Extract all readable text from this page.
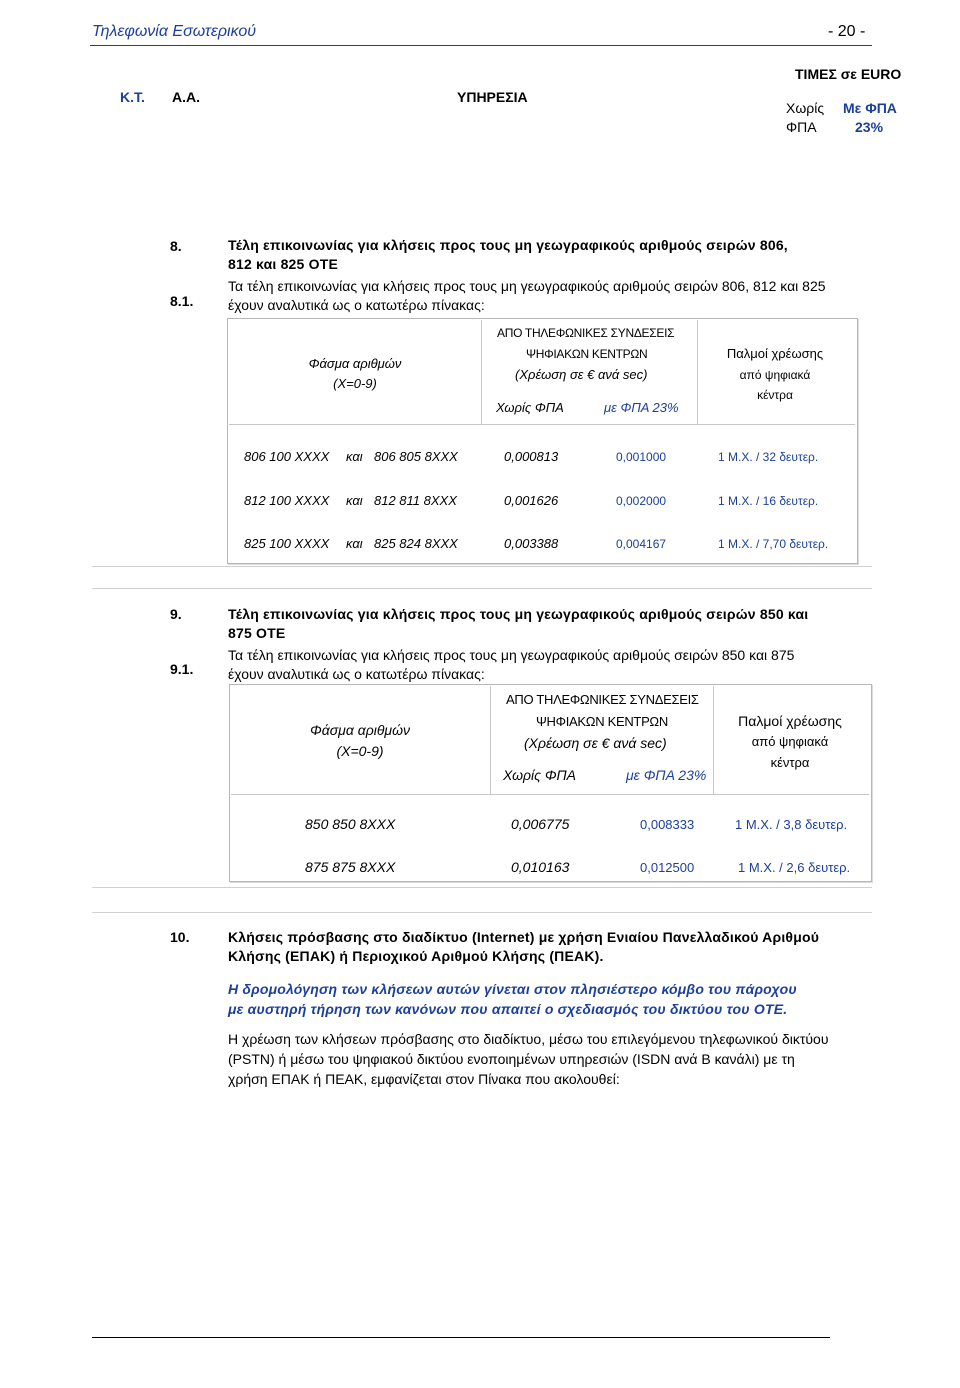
Τηλεφωνία Εσωτερικού	- 20 -
Κ.Τ. Α.Α.	ΥΠΗΡΕΣΙΑ
ΤΙΜΕΣ σε EURO
Χωρίς
ΦΠΑ
Με ΦΠΑ
23%
8.	Τέλη επικοινωνίας για κλήσεις προς τους μη γεωγραφικούς αριθμούς σειρών 806,
812 και 825 ΟΤΕ
8.1.
Τα τέλη επικοινωνίας για κλήσεις προς τους μη γεωγραφικούς αριθμούς σειρών 806, 812 και 825
έχουν αναλυτικά ως ο κατωτέρω πίνακας:
Φάσμα αριθμών
(X=0-9)
ΑΠΟ ΤΗΛΕΦΩΝΙΚΕΣ ΣΥΝΔΕΣΕΙΣ
ΨΗΦΙΑΚΩΝ ΚΕΝΤΡΩΝ
(Χρέωση σε € ανά sec)
Χωρίς ΦΠΑ	με ΦΠΑ 23%
Παλμοί χρέωσης
από ψηφιακά
κέντρα
806 100 XXXX και 806 805 8XXX	0,000813	0,001000	1 Μ.Χ. / 32 δευτερ.
812 100 XXXX και 812 811 8XXX	0,001626	0,002000	1 Μ.Χ. / 16 δευτερ.
825 100 XXXX και 825 824 8XXX	0,003388	0,004167	1 Μ.Χ. / 7,70 δευτερ.
9.	Τέλη επικοινωνίας για κλήσεις προς τους μη γεωγραφικούς αριθμούς σειρών 850 και
875 ΟΤΕ
9.1.
Τα τέλη επικοινωνίας για κλήσεις προς τους μη γεωγραφικούς αριθμούς σειρών 850 και 875
έχουν αναλυτικά ως ο κατωτέρω πίνακας:
Φάσμα αριθμών
(X=0-9)
ΑΠΟ ΤΗΛΕΦΩΝΙΚΕΣ ΣΥΝΔΕΣΕΙΣ
ΨΗΦΙΑΚΩΝ ΚΕΝΤΡΩΝ
(Χρέωση σε € ανά sec)
Χωρίς ΦΠΑ	με ΦΠΑ 23%
Παλμοί χρέωσης
από ψηφιακά
κέντρα
850 850 8XXX	0,006775	0,008333	1 Μ.Χ. / 3,8 δευτερ.
875 875 8XXX	0,010163	0,012500	1 Μ.Χ. / 2,6 δευτερ.
10.	Κλήσεις πρόσβασης στο διαδίκτυο (Internet) με χρήση Ενιαίου Πανελλαδικού Αριθμού
Κλήσης (ΕΠΑΚ) ή Περιοχικού Αριθμού Κλήσης (ΠΕΑΚ).
Η δρομολόγηση των κλήσεων αυτών γίνεται στον πλησιέστερο κόμβο του πάροχου
με αυστηρή τήρηση των κανόνων που απαιτεί ο σχεδιασμός του δικτύου του ΟΤΕ.
Η χρέωση των κλήσεων πρόσβασης στο διαδίκτυο, μέσω του επιλεγόμενου τηλεφωνικού δικτύου
(PSTN) ή μέσω του ψηφιακού δικτύου ενοποιημένων υπηρεσιών (ISDN ανά B κανάλι) με τη
χρήση ΕΠΑΚ ή ΠΕΑΚ, εμφανίζεται στον Πίνακα που ακολουθεί:
